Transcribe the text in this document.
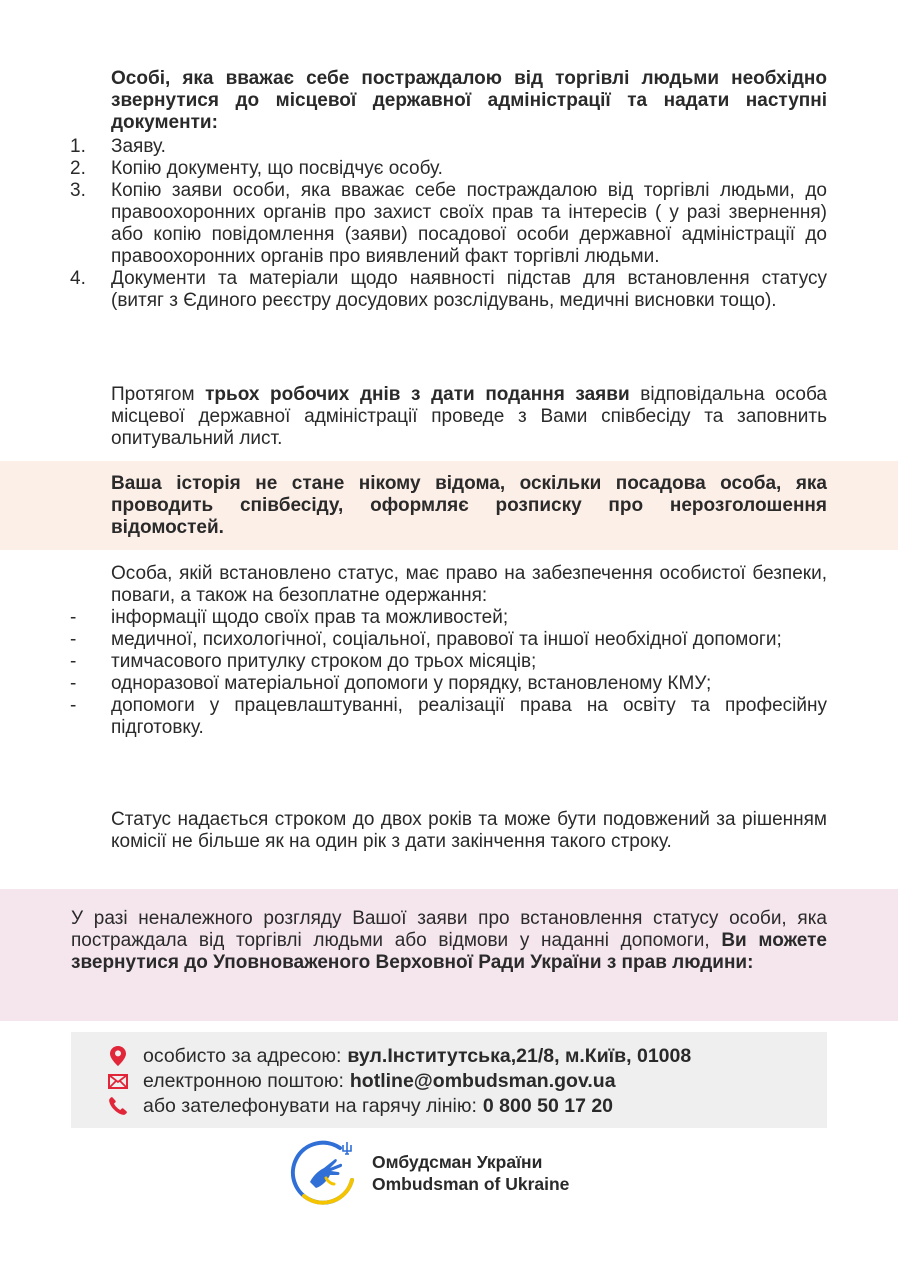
Особі, яка вважає себе постраждалою від торгівлі людьми необхідно звернутися до місцевої державної адміністрації та надати наступні документи:
1. Заяву.
2. Копію документу, що посвідчує особу.
3. Копію заяви особи, яка вважає себе постраждалою від торгівлі людьми, до правоохоронних органів про захист своїх прав та інтересів ( у разі звернення) або копію повідомлення (заяви) посадової особи державної адміністрації до правоохоронних органів про виявлений факт торгівлі людьми.
4. Документи та матеріали щодо наявності підстав для встановлення статусу (витяг з Єдиного реєстру досудових розслідувань, медичні висновки тощо).
Протягом трьох робочих днів з дати подання заяви відповідальна особа місцевої державної адміністрації проведе з Вами співбесіду та заповнить опитувальний лист.
Ваша історія не стане нікому відома, оскільки посадова особа, яка проводить співбесіду, оформляє розписку про нерозголошення відомостей.
Особа, якій встановлено статус, має право на забезпечення особистої безпеки, поваги, а також на безоплатне одержання:
- інформації щодо своїх прав та можливостей;
- медичної, психологічної, соціальної, правової та іншої необхідної допомоги;
- тимчасового притулку строком до трьох місяців;
- одноразової матеріальної допомоги у порядку, встановленому КМУ;
- допомоги у працевлаштуванні, реалізації права на освіту та професійну підготовку.
Статус надається строком до двох років та може бути подовжений за рішенням комісії не більше як на один рік з дати закінчення такого строку.
У разі неналежного розгляду Вашої заяви про встановлення статусу особи, яка постраждала від торгівлі людьми або відмови у наданні допомоги, Ви можете звернутися до Уповноваженого Верховної Ради України з прав людини:
особисто за адресою: вул.Інститутська,21/8, м.Київ, 01008
електронною поштою: hotline@ombudsman.gov.ua
або зателефонувати на гарячу лінію: 0 800 50 17 20
Омбудсман України
Ombudsman of Ukraine
